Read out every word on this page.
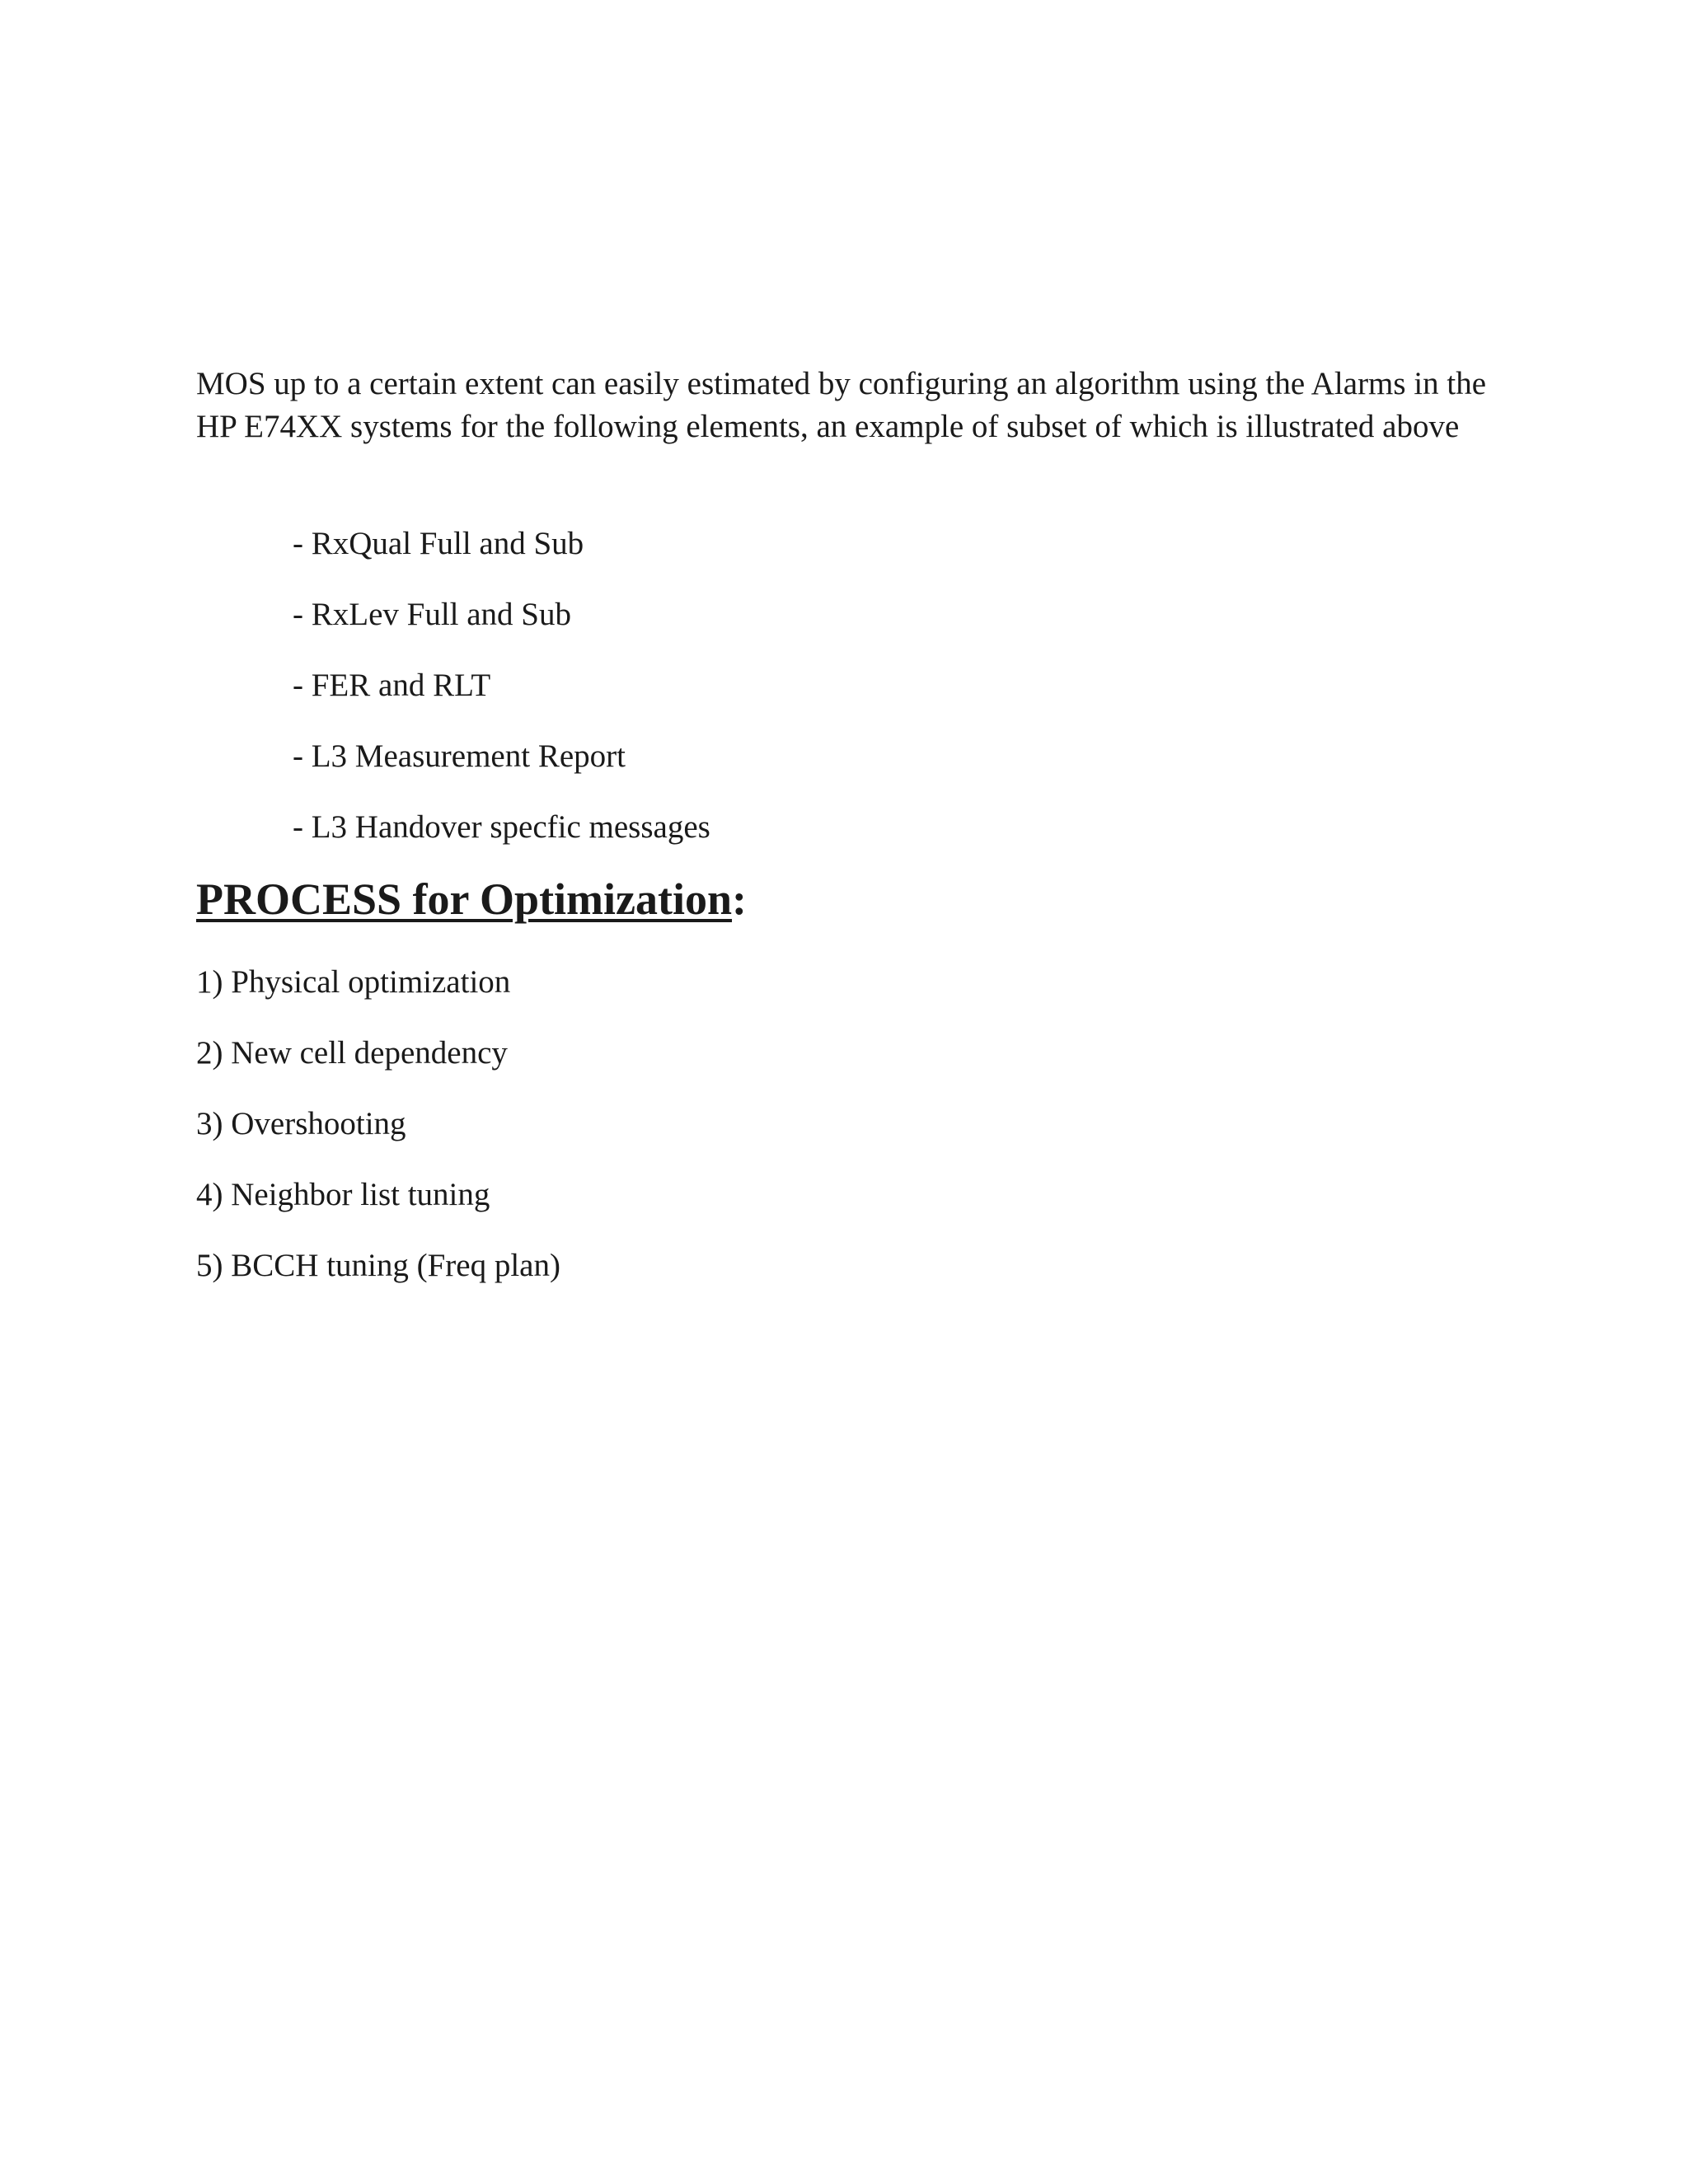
MOS up to a certain extent can easily estimated by configuring an algorithm using the Alarms in the HP E74XX systems for the following elements, an example of subset of which is illustrated above

- RxQual Full and Sub
- RxLev Full and Sub
- FER and RLT
- L3 Measurement Report
- L3 Handover specfic messages
PROCESS for Optimization:
1) Physical optimization
2) New cell dependency
3) Overshooting
4) Neighbor list tuning
5) BCCH tuning (Freq plan)
